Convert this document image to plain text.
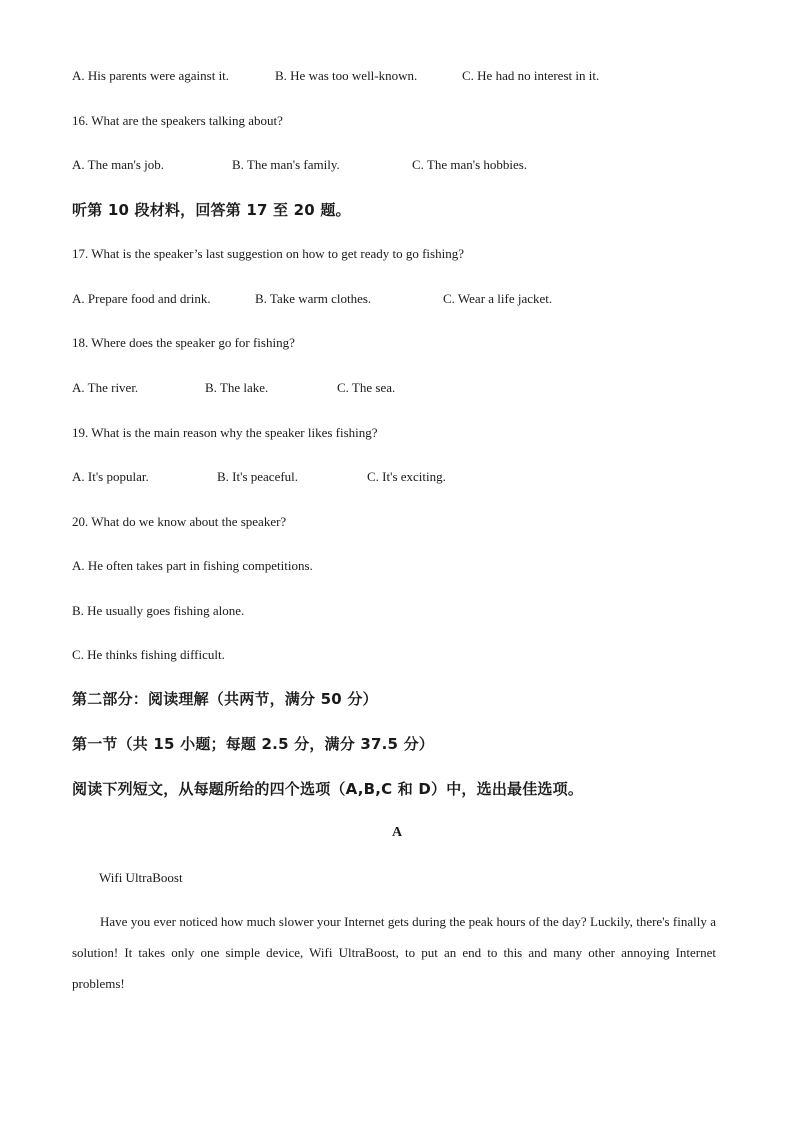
A. His parents were against it.	B. He was too well-known.	C. He had no interest in it.
16. What are the speakers talking about?
A. The man's job.	B. The man's family.	C. The man's hobbies.
听第 10 段材料，回答第 17 至 20 题。
17. What is the speaker’s last suggestion on how to get ready to go fishing?
A. Prepare food and drink.	B. Take warm clothes.	C. Wear a life jacket.
18. Where does the speaker go for fishing?
A. The river.	B. The lake.	C. The sea.
19. What is the main reason why the speaker likes fishing?
A. It's popular.	B. It's peaceful.	C. It's exciting.
20. What do we know about the speaker?
A. He often takes part in fishing competitions.
B. He usually goes fishing alone.
C. He thinks fishing difficult.
第二部分：阅读理解（共两节，满分 50 分）
第一节（共 15 小题；每题 2.5 分，满分 37.5 分）
阅读下列短文，从每题所给的四个选项（A,B,C 和 D）中，选出最佳选项。
A
Wifi UltraBoost
Have you ever noticed how much slower your Internet gets during the peak hours of the day? Luckily, there's finally a solution! It takes only one simple device, Wifi UltraBoost, to put an end to this and many other annoying Internet problems!
